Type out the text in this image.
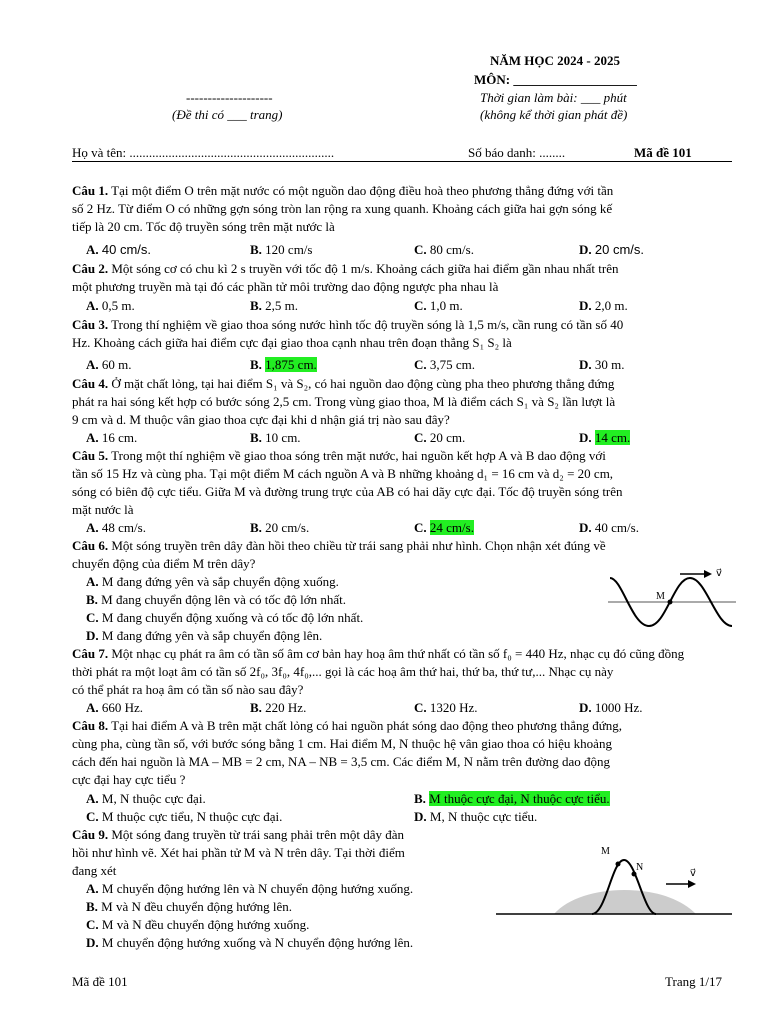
NĂM HỌC 2024 - 2025
MÔN: ___________________
--------------------
(Đề thi có ___ trang)
Thời gian làm bài: ___ phút
(không kể thời gian phát đề)
Họ và tên: ...............................................................	Số báo danh: ........	Mã đề 101
Câu 1. Tại một điểm O trên mặt nước có một nguồn dao động điều hoà theo phương thẳng đứng với tần
số 2 Hz. Từ điểm O có những gợn sóng tròn lan rộng ra xung quanh. Khoảng cách giữa hai gợn sóng kế
tiếp là 20 cm. Tốc độ truyền sóng trên mặt nước là
A. 40 cm/s.	B. 120 cm/s	C. 80 cm/s.	D. 20 cm/s.
Câu 2. Một sóng cơ có chu kì 2 s truyền với tốc độ 1 m/s. Khoảng cách giữa hai điểm gần nhau nhất trên
một phương truyền mà tại đó các phần tử môi trường dao động ngược pha nhau là
A. 0,5 m.	B. 2,5 m.	C. 1,0 m.	D. 2,0 m.
Câu 3. Trong thí nghiệm về giao thoa sóng nước hình tốc độ truyền sóng là 1,5 m/s, cần rung có tần số 40
Hz. Khoảng cách giữa hai điểm cực đại giao thoa cạnh nhau trên đoạn thẳng S₁ S₂ là
A. 60 m.	B. 1,875 cm.	C. 3,75 cm.	D. 30 m.
Câu 4. Ở mặt chất lỏng, tại hai điểm S₁ và S₂, có hai nguồn dao động cùng pha theo phương thẳng đứng
phát ra hai sóng kết hợp có bước sóng 2,5 cm. Trong vùng giao thoa, M là điểm cách S₁ và S₂ lần lượt là
9 cm và d. M thuộc vân giao thoa cực đại khi d nhận giá trị nào sau đây?
A. 16 cm.	B. 10 cm.	C. 20 cm.	D. 14 cm.
Câu 5. Trong một thí nghiệm về giao thoa sóng trên mặt nước, hai nguồn kết hợp A và B dao động với
tần số 15 Hz và cùng pha. Tại một điểm M cách nguồn A và B những khoảng d₁ = 16 cm và d₂ = 20 cm,
sóng có biên độ cực tiểu. Giữa M và đường trung trực của AB có hai dãy cực đại. Tốc độ truyền sóng trên
mặt nước là
A. 48 cm/s.	B. 20 cm/s.	C. 24 cm/s.	D. 40 cm/s.
Câu 6. Một sóng truyền trên dây đàn hồi theo chiều từ trái sang phải như hình. Chọn nhận xét đúng về
chuyển động của điểm M trên dây?
A. M đang đứng yên và sắp chuyển động xuống.
B. M đang chuyển động lên và có tốc độ lớn nhất.
C. M đang chuyển động xuống và có tốc độ lớn nhất.
D. M đang đứng yên và sắp chuyển động lên.
M
v⃗
Câu 7. Một nhạc cụ phát ra âm có tần số âm cơ bản hay hoạ âm thứ nhất có tần số f₀ = 440 Hz, nhạc cụ đó cũng đồng
thời phát ra một loạt âm có tần số 2f₀, 3f₀, 4f₀,... gọi là các hoạ âm thứ hai, thứ ba, thứ tư,... Nhạc cụ này
có thể phát ra hoạ âm có tần số nào sau đây?
A. 660 Hz.	B. 220 Hz.	C. 1320 Hz.	D. 1000 Hz.
Câu 8. Tại hai điểm A và B trên mặt chất lỏng có hai nguồn phát sóng dao động theo phương thẳng đứng,
cùng pha, cùng tần số, với bước sóng bằng 1 cm. Hai điểm M, N thuộc hệ vân giao thoa có hiệu khoảng
cách đến hai nguồn là MA – MB = 2 cm, NA – NB = 3,5 cm. Các điểm M, N nằm trên đường dao động
cực đại hay cực tiểu ?
A. M, N thuộc cực đại.	B. M thuộc cực đại, N thuộc cực tiểu.
C. M thuộc cực tiểu, N thuộc cực đại.	D. M, N thuộc cực tiểu.
Câu 9. Một sóng đang truyền từ trái sang phải trên một dây đàn
hồi như hình vẽ. Xét hai phần tử M và N trên dây. Tại thời điểm
đang xét
A. M chuyển động hướng lên và N chuyển động hướng xuống.
B. M và N đều chuyển động hướng lên.
C. M và N đều chuyển động hướng xuống.
D. M chuyển động hướng xuống và N chuyển động hướng lên.
M
N
v⃗
Mã đề 101	Trang 1/17
